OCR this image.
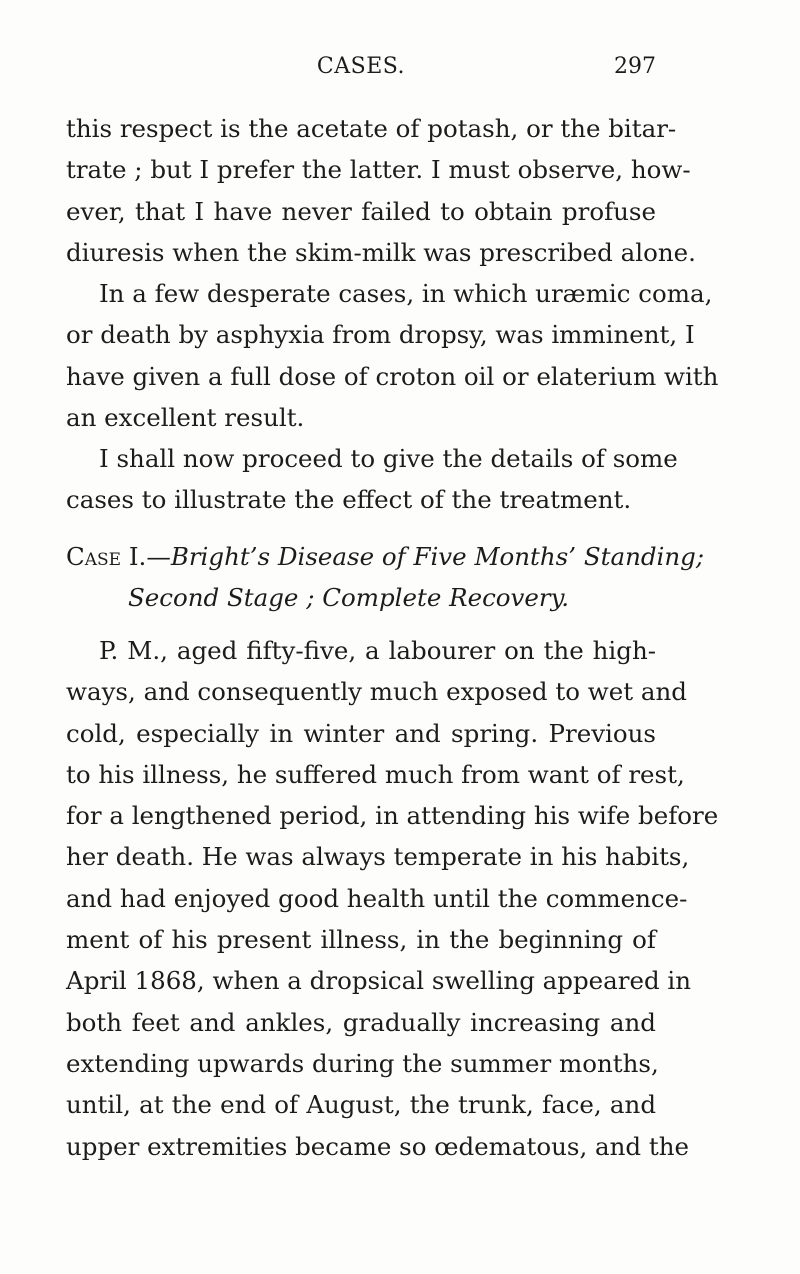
CASES.	297
this respect is the acetate of potash, or the bitar-
trate ; but I prefer the latter. I must observe, how-
ever, that I have never failed to obtain profuse
diuresis when the skim-milk was prescribed alone.
In a few desperate cases, in which uræmic coma,
or death by asphyxia from dropsy, was imminent, I
have given a full dose of croton oil or elaterium with
an excellent result.
I shall now proceed to give the details of some
cases to illustrate the effect of the treatment.
Case I.—Bright’s Disease of Five Months’ Standing;
Second Stage ; Complete Recovery.
P. M., aged fifty-five, a labourer on the high-
ways, and consequently much exposed to wet and
cold, especially in winter and spring. Previous
to his illness, he suffered much from want of rest,
for a lengthened period, in attending his wife before
her death. He was always temperate in his habits,
and had enjoyed good health until the commence-
ment of his present illness, in the beginning of
April 1868, when a dropsical swelling appeared in
both feet and ankles, gradually increasing and
extending upwards during the summer months,
until, at the end of August, the trunk, face, and
upper extremities became so œdematous, and the
